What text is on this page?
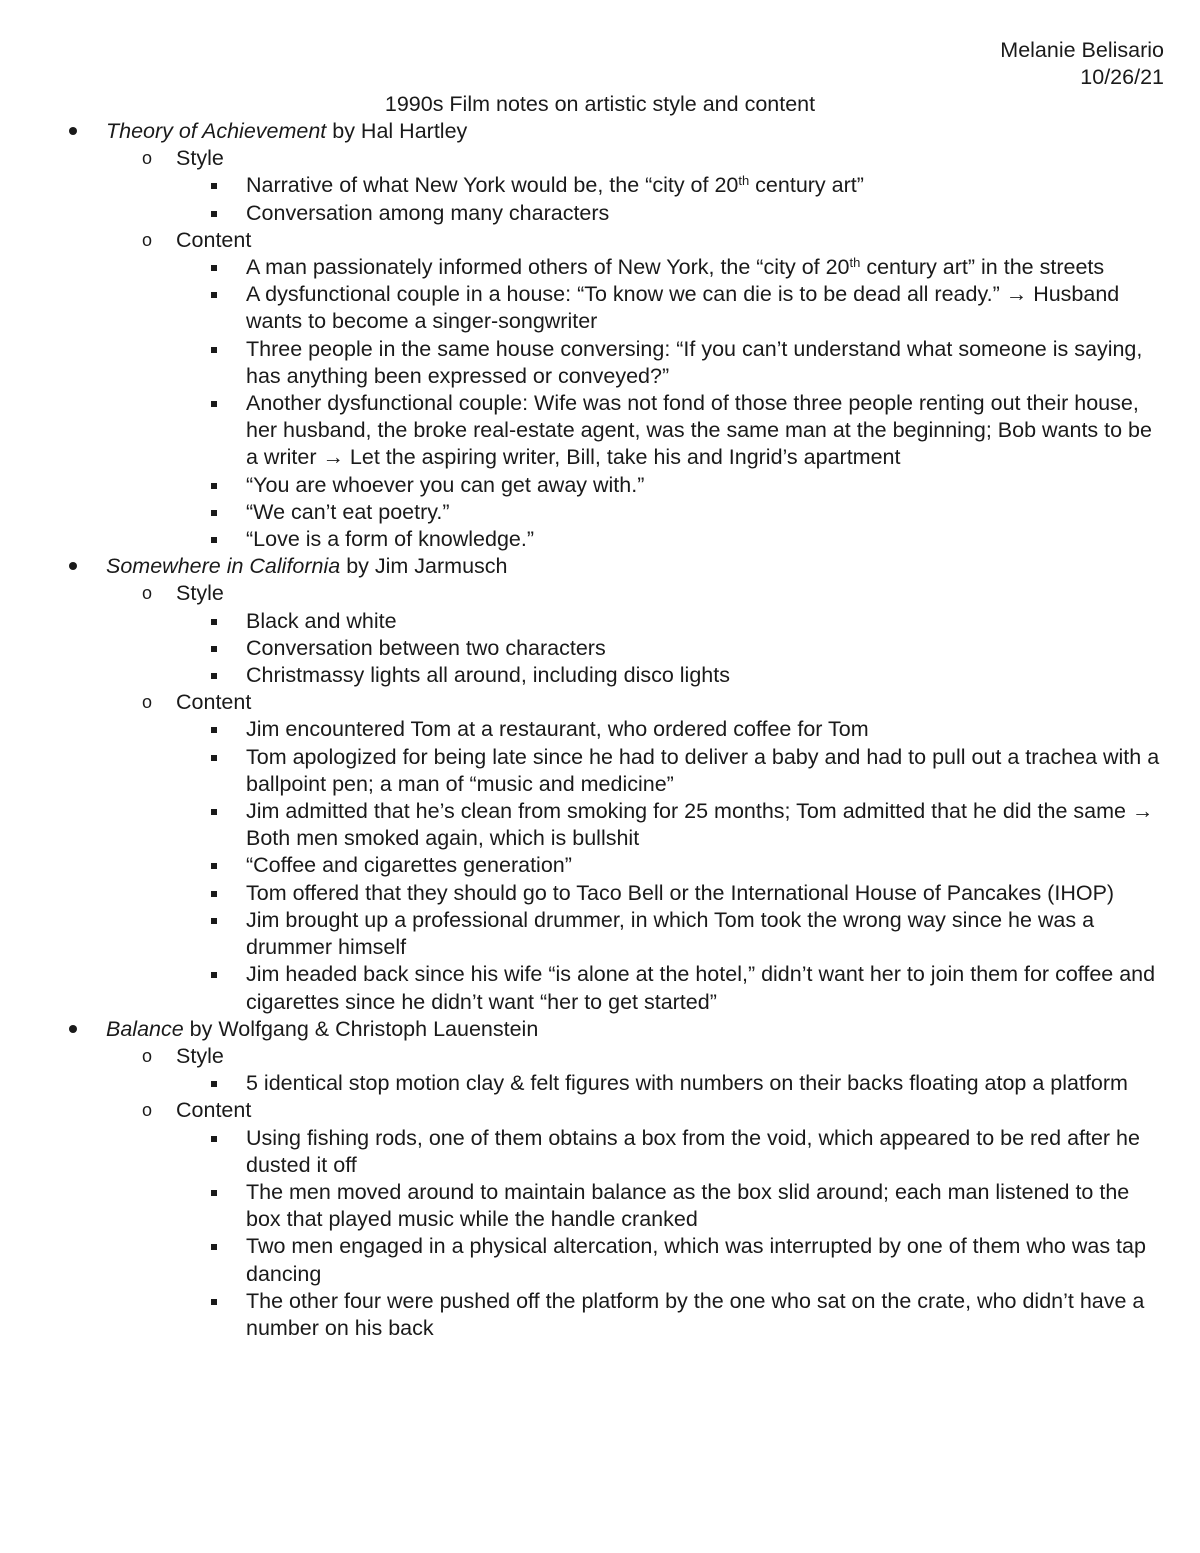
Melanie Belisario
10/26/21
1990s Film notes on artistic style and content
Theory of Achievement by Hal Hartley
o Style
Narrative of what New York would be, the “city of 20th century art”
Conversation among many characters
o Content
A man passionately informed others of New York, the “city of 20th century art” in the streets
A dysfunctional couple in a house: “To know we can die is to be dead all ready.” → Husband wants to become a singer-songwriter
Three people in the same house conversing: “If you can’t understand what someone is saying, has anything been expressed or conveyed?”
Another dysfunctional couple: Wife was not fond of those three people renting out their house, her husband, the broke real-estate agent, was the same man at the beginning; Bob wants to be a writer → Let the aspiring writer, Bill, take his and Ingrid’s apartment
“You are whoever you can get away with.”
“We can’t eat poetry.”
“Love is a form of knowledge.”
Somewhere in California by Jim Jarmusch
o Style
Black and white
Conversation between two characters
Christmassy lights all around, including disco lights
o Content
Jim encountered Tom at a restaurant, who ordered coffee for Tom
Tom apologized for being late since he had to deliver a baby and had to pull out a trachea with a ballpoint pen; a man of “music and medicine”
Jim admitted that he’s clean from smoking for 25 months; Tom admitted that he did the same → Both men smoked again, which is bullshit
“Coffee and cigarettes generation”
Tom offered that they should go to Taco Bell or the International House of Pancakes (IHOP)
Jim brought up a professional drummer, in which Tom took the wrong way since he was a drummer himself
Jim headed back since his wife “is alone at the hotel,” didn’t want her to join them for coffee and cigarettes since he didn’t want “her to get started”
Balance by Wolfgang & Christoph Lauenstein
o Style
5 identical stop motion clay & felt figures with numbers on their backs floating atop a platform
o Content
Using fishing rods, one of them obtains a box from the void, which appeared to be red after he dusted it off
The men moved around to maintain balance as the box slid around; each man listened to the box that played music while the handle cranked
Two men engaged in a physical altercation, which was interrupted by one of them who was tap dancing
The other four were pushed off the platform by the one who sat on the crate, who didn’t have a number on his back
